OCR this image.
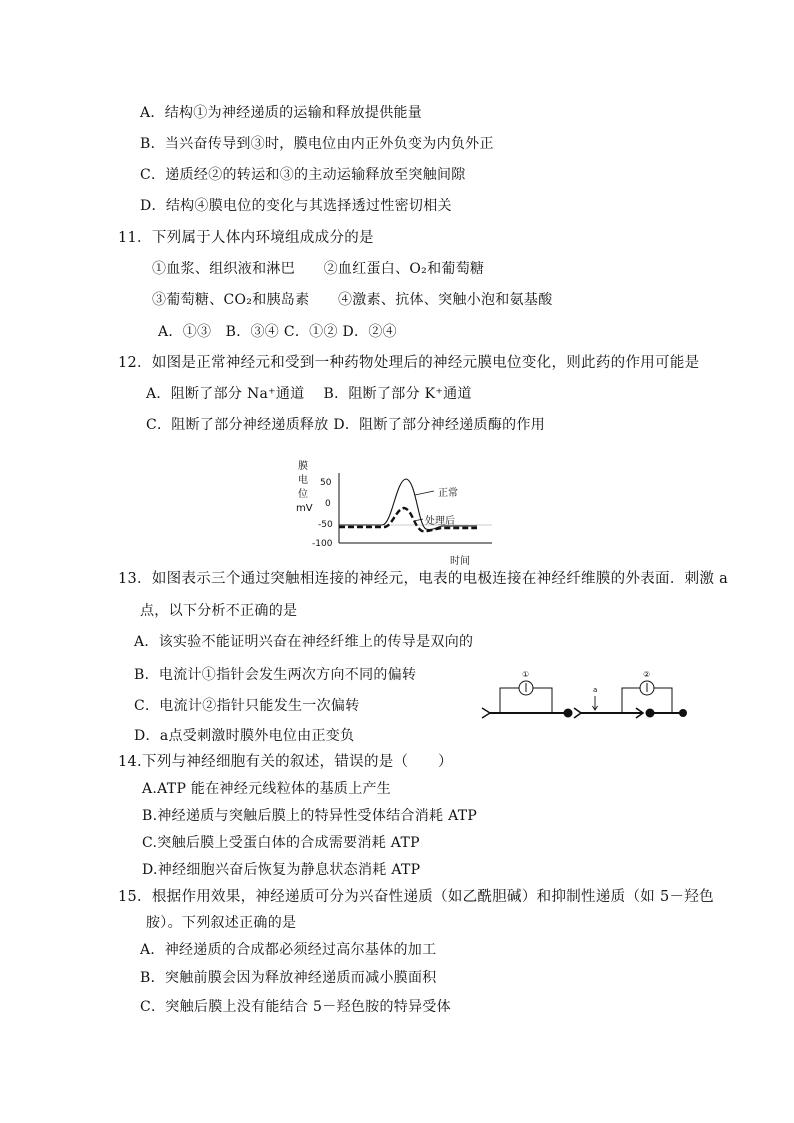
A．结构①为神经递质的运输和释放提供能量
B．当兴奋传导到③时，膜电位由内正外负变为内负外正
C．递质经②的转运和③的主动运输释放至突触间隙
D．结构④膜电位的变化与其选择透过性密切相关
11．下列属于人体内环境组成成分的是
①血浆、组织液和淋巴　　②血红蛋白、O₂和葡萄糖
③葡萄糖、CO₂和胰岛素　　④激素、抗体、突触小泡和氨基酸
A．①③　B．③④ C．①② D．②④
12．如图是正常神经元和受到一种药物处理后的神经元膜电位变化，则此药的作用可能是
A．阻断了部分 Na⁺通道　 B．阻断了部分 K⁺通道
C．阻断了部分神经递质释放 D．阻断了部分神经递质酶的作用
膜
电
位
mV
50
0
-50
-100
时间
正常
处理后
13．如图表示三个通过突触相连接的神经元，电表的电极连接在神经纤维膜的外表面．刺激 a
点，以下分析不正确的是
A．该实验不能证明兴奋在神经纤维上的传导是双向的
B．电流计①指针会发生两次方向不同的偏转
C．电流计②指针只能发生一次偏转
D．a点受刺激时膜外电位由正变负
①
a
②
14.下列与神经细胞有关的叙述，错误的是（　　）
A.ATP 能在神经元线粒体的基质上产生
B.神经递质与突触后膜上的特异性受体结合消耗 ATP
C.突触后膜上受蛋白体的合成需要消耗 ATP
D.神经细胞兴奋后恢复为静息状态消耗 ATP
15．根据作用效果，神经递质可分为兴奋性递质（如乙酰胆碱）和抑制性递质（如 5－羟色
胺）。下列叙述正确的是
A．神经递质的合成都必须经过高尔基体的加工
B．突触前膜会因为释放神经递质而减小膜面积
C．突触后膜上没有能结合 5－羟色胺的特异受体
